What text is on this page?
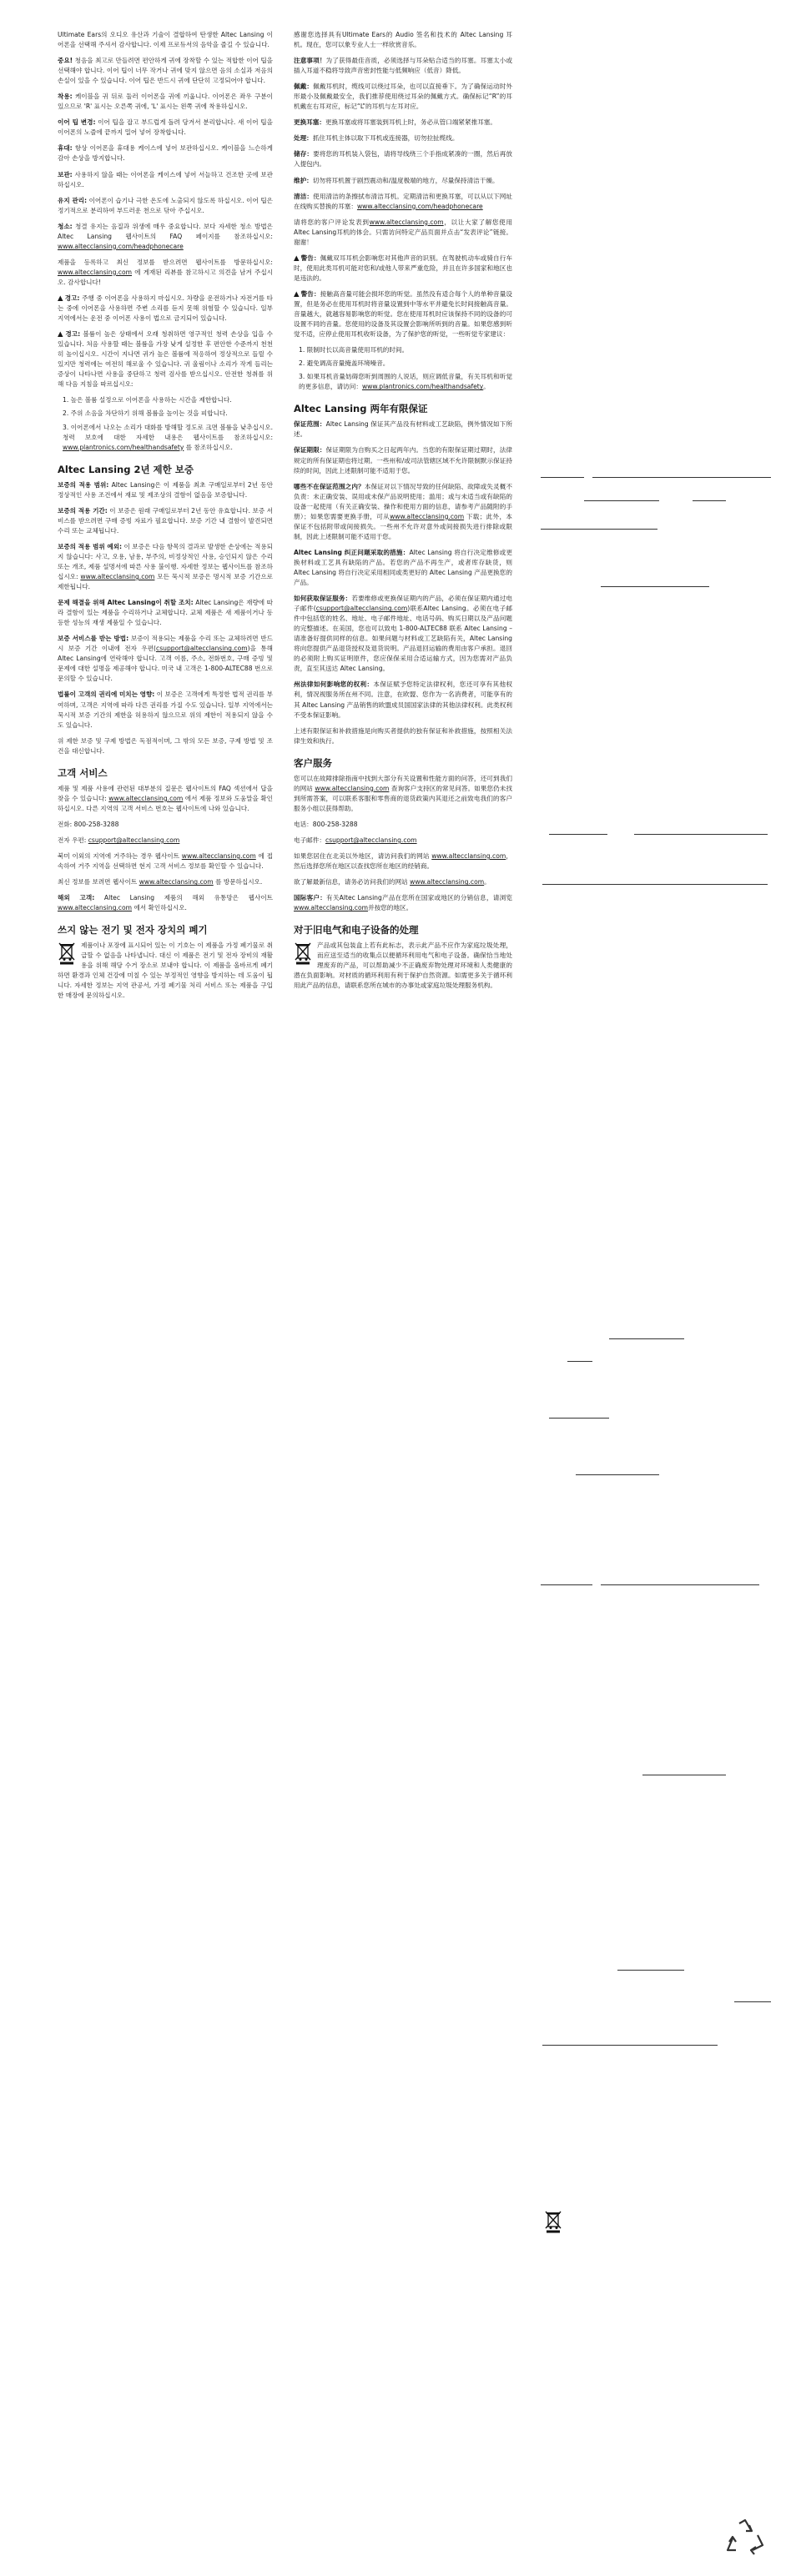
Ultimate Ears의 오디오 유산과 기술이 결합하여 탄생한 Altec Lansing 이어폰을 선택해 주셔서 감사합니다. 이제 프로듀서의 음악을 즐길 수 있습니다.

중요! 청음을 최고로 만들려면 편안하게 귀에 장착할 수 있는 적합한 이어 팁을 선택해야 합니다. 이어 팁이 너무 작거나 귀에 맞지 않으면 음의 소실과 저음의 손실이 있을 수 있습니다. 이어 팁은 반드시 귀에 단단히 고정되어야 합니다.

착용: 케이블을 귀 뒤로 둘러 이어폰을 귀에 끼웁니다. 이어폰은 좌우 구분이 있으므로 'R' 표시는 오른쪽 귀에, 'L' 표시는 왼쪽 귀에 착용하십시오.

이어 팁 변경: 이어 팁을 잡고 부드럽게 돌려 당겨서 분리합니다. 새 이어 팁을 이어폰의 노즐에 끝까지 밀어 넣어 장착합니다.

휴대: 항상 이어폰을 휴대용 케이스에 넣어 보관하십시오. 케이블을 느슨하게 감아 손상을 방지합니다.

보관: 사용하지 않을 때는 이어폰을 케이스에 넣어 서늘하고 건조한 곳에 보관하십시오.

유지 관리: 이어폰이 습기나 극한 온도에 노출되지 않도록 하십시오. 이어 팁은 정기적으로 분리하여 부드러운 천으로 닦아 주십시오.

청소: 청결 유지는 음질과 위생에 매우 중요합니다. 보다 자세한 청소 방법은 Altec Lansing 웹사이트의 FAQ 페이지를 참조하십시오: www.altecclansing.com/headphonecare

제품을 등록하고 최신 정보를 받으려면 웹사이트를 방문하십시오: www.altecclansing.com 에 게재된 리뷰를 참고하시고 의견을 남겨 주십시오. 감사합니다!

▲ 경고: 주행 중 이어폰을 사용하지 마십시오. 차량을 운전하거나 자전거를 타는 중에 이어폰을 사용하면 주변 소리를 듣지 못해 위험할 수 있습니다. 일부 지역에서는 운전 중 이어폰 사용이 법으로 금지되어 있습니다.

▲ 경고: 볼륨이 높은 상태에서 오래 청취하면 영구적인 청력 손상을 입을 수 있습니다. 처음 사용할 때는 볼륨을 가장 낮게 설정한 후 편안한 수준까지 천천히 높이십시오. 시간이 지나면 귀가 높은 볼륨에 적응하여 정상적으로 들릴 수 있지만 청력에는 여전히 해로울 수 있습니다. 귀 울림이나 소리가 작게 들리는 증상이 나타나면 사용을 중단하고 청력 검사를 받으십시오. 안전한 청취를 위해 다음 지침을 따르십시오:

1. 높은 볼륨 설정으로 이어폰을 사용하는 시간을 제한합니다.
2. 주위 소음을 차단하기 위해 볼륨을 높이는 것을 피합니다.
3. 이어폰에서 나오는 소리가 대화를 방해할 정도로 크면 볼륨을 낮추십시오. 청력 보호에 대한 자세한 내용은 웹사이트를 참조하십시오: www.plantronics.com/healthandsafety 를 참조하십시오.
Altec Lansing 2년 제한 보증

보증의 적용 범위: Altec Lansing은 이 제품을 최초 구매일로부터 2년 동안 정상적인 사용 조건에서 재료 및 제조상의 결함이 없음을 보증합니다.

보증의 적용 기간: 이 보증은 원래 구매일로부터 2년 동안 유효합니다. 보증 서비스를 받으려면 구매 증빙 자료가 필요합니다. 보증 기간 내 결함이 발견되면 수리 또는 교체됩니다.

보증의 적용 범위 예외: 이 보증은 다음 항목의 결과로 발생한 손상에는 적용되지 않습니다: 사고, 오용, 남용, 부주의, 비정상적인 사용, 승인되지 않은 수리 또는 개조, 제품 설명서에 따른 사용 불이행. 자세한 정보는 웹사이트를 참조하십시오: www.altecclansing.com 모든 묵시적 보증은 명시적 보증 기간으로 제한됩니다.

문제 해결을 위해 Altec Lansing이 취할 조치: Altec Lansing은 재량에 따라 결함이 있는 제품을 수리하거나 교체합니다. 교체 제품은 새 제품이거나 동등한 성능의 재생 제품일 수 있습니다.

보증 서비스를 받는 방법: 보증이 적용되는 제품을 수리 또는 교체하려면 반드시 보증 기간 이내에 전자 우편(csupport@altecclansing.com)을 통해 Altec Lansing에 연락해야 합니다. 고객 이름, 주소, 전화번호, 구매 증빙 및 문제에 대한 설명을 제공해야 합니다. 미국 내 고객은 1-800-ALTEC88 번으로 문의할 수 있습니다.

법률이 고객의 권리에 미치는 영향: 이 보증은 고객에게 특정한 법적 권리를 부여하며, 고객은 지역에 따라 다른 권리를 가질 수도 있습니다. 일부 지역에서는 묵시적 보증 기간의 제한을 허용하지 않으므로 위의 제한이 적용되지 않을 수도 있습니다.

위 제한 보증 및 구제 방법은 독점적이며, 그 밖의 모든 보증, 구제 방법 및 조건을 대신합니다.

고객 서비스

제품 및 제품 사용에 관련된 대부분의 질문은 웹사이트의 FAQ 섹션에서 답을 찾을 수 있습니다: www.altecclansing.com 에서 제품 정보와 도움말을 확인하십시오. 다른 지역의 고객 서비스 번호는 웹사이트에 나와 있습니다.

전화: 800-258-3288

전자 우편: csupport@altecclansing.com

북미 이외의 지역에 거주하는 경우 웹사이트 www.altecclansing.com 에 접속하여 거주 지역을 선택하면 현지 고객 서비스 정보를 확인할 수 있습니다.

최신 정보를 보려면 웹사이트 www.altecclansing.com 를 방문하십시오.

해외 고객: Altec Lansing 제품의 해외 유통망은 웹사이트 www.altecclansing.com 에서 확인하십시오.

쓰지 않는 전기 및 전자 장치의 폐기

제품이나 포장에 표시되어 있는 이 기호는 이 제품을 가정 폐기물로 취급할 수 없음을 나타냅니다. 대신 이 제품은 전기 및 전자 장비의 재활용을 위해 해당 수거 장소로 보내야 합니다. 이 제품을 올바르게 폐기하면 환경과 인체 건강에 미칠 수 있는 부정적인 영향을 방지하는 데 도움이 됩니다. 자세한 정보는 지역 관공서, 가정 폐기물 처리 서비스 또는 제품을 구입한 매장에 문의하십시오.

感谢您选择具有Ultimate Ears的 Audio 签名和技术的 Altec Lansing 耳机。现在，您可以象专业人士一样欣赏音乐。

注意事项！为了获得最佳音质，必须选择与耳朵贴合适当的耳塞。耳塞太小或插入耳道不稳将导致声音密封性能与低频响应（低音）降低。

佩戴：佩戴耳机时，缆线可以绕过耳朵，也可以直接垂下。为了确保运动时外形最小及佩戴最安全，我们推荐使用绕过耳朵的佩戴方式。确保标记“R”的耳机戴在右耳对应，标记“L”的耳机与左耳对应。

更换耳塞：更换耳塞或将耳塞装到耳机上时，务必从管口端紧紧推耳塞。

处理：抓住耳机主体以取下耳机或连接器，切勿拉扯缆线。

储存：要将您的耳机装入袋包，请将导线绕三个手指成紧凑的一圈，然后再放入提包内。

维护：切勿将耳机置于剧烈震动和/温度极端的地方，尽量保持清洁干燥。

清洁：使用清洁的条擦拭布清洁耳机。定期清洁和更换耳塞，可以从以下网址在线购买替换的耳塞：www.altecclansing.com/headphonecare

请将您的客户评论发表到www.altecclansing.com，以让大家了解您使用 Altec Lansing耳机的体会。只需访问特定产品页面并点击“发表评论”链接。谢谢！

▲ 警告：佩戴双耳耳机会影响您对其他声音的识别。在驾驶机动车或骑自行车时，使用此类耳机可能对您和/或他人带来严重危险，并且在许多国家和地区也是违法的。

▲ 警告：接触高音量可能会损坏您的听觉。虽然没有适合每个人的单种音量设置，但是务必在使用耳机时将音量设置到中等水平并避免长时间接触高音量。音量越大，就越容易影响您的听觉。您在使用耳机时应该保持不同的设备的可设置不同的音量。您使用的设备及其设置会影响所听到的音量。如果您感到听觉不适，应停止使用耳机收听设备，为了保护您的听觉，一些听觉专家建议：

1. 限制时长以高音量使用耳机的时间。
2. 避免调高音量掩盖环境噪音。
3. 如果耳机音量妨碍您听到周围的人说话，则应调低音量，有关耳机和听觉的更多信息，请访问：www.plantronics.com/healthandsafety。
Altec Lansing 两年有限保证

保证范围：Altec Lansing 保证其产品没有材料或工艺缺陷，例外情况如下所述。

保证期限：保证期限为自购买之日起两年内。当您的有限保证期过期时，法律规定的所有保证期也将过期。一些州和/或司法管辖区域不允许限制默示保证持续的时间，因此上述限制可能不适用于您。

哪些不在保证范围之内？本保证对以下情况导致的任何缺陷、故障或失灵概不负责：未正确安装、误用或未保产品说明使用；滥用；或与未适当或有缺陷的设备一起使用（有关正确安装、操作和使用方面的信息，请参考产品随附的手册）；如果您需要更换手册，可从www.altecclansing.com 下载；此外，本保证不包括附带或间接损失。一些州不允许对意外或间接损失进行排除或限制，因此上述限制可能不适用于您。

Altec Lansing 纠正问题采取的措施：Altec Lansing 将自行决定维修或更换材料或工艺具有缺陷的产品。若您的产品不再生产，或者库存缺货，则 Altec Lansing 将自行决定采用相同或类更好的 Altec Lansing 产品更换您的产品。

如何获取保证服务：若要维修或更换保证期内的产品，必须在保证期内通过电子邮件(csupport@altecclansing.com)联系Altec Lansing。必须在电子邮件中包括您的姓名、地址、电子邮件地址、电话号码、购买日期以及产品问题的完整描述。在美国，您也可以致电 1-800-ALTEC88 联系 Altec Lansing – 请准备好提供同样的信息。如果问题与材料或工艺缺陷有关，Altec Lansing 将向您提供产品退货授权及退货说明。产品退回运输的费用由客户承担。退回的必须附上购买证明原件，您应保保采用合适运输方式，因为您需对产品负责，直至其送达 Altec Lansing。

州法律如何影响您的权利：本保证赋予您特定法律权利，您还可享有其他权利，情况视服务所在州不同。注意，在欧盟、您作为一名消费者，可能享有的其 Altec Lansing 产品销售的欧盟成员国国家法律的其他法律权利。此类权利不受本保证影响。

上述有限保证和补救措施是向购买者提供的独有保证和补救措施，按照相关法律生效和执行。

客户服务

您可以在故障排除指南中找到大部分有关设置和性能方面的问答，还可到我们的网站 www.altecclansing.com 查询客户支持区的常见问答。如果您仍未找到所需答案，可以联系客服和零售商的退货政策内其退还之前致电我们的客户服务小组以获得帮助。

电话：800-258-3288

电子邮件：csupport@altecclansing.com

如果您居住在北美以外地区，请访问我们的网站 www.altecclansing.com，然后选择您所在地区以查找您所在地区的经销商。

欲了解最新信息，请务必访问我们的网站 www.altecclansing.com。

国际客户：有关Altec Lansing产品在您所在国家或地区的分销信息，请浏览www.altecclansing.com并按您的地区。

对于旧电气和电子设备的处理

产品或其包装盒上若有此标志，表示此产品不应作为家庭垃圾处理，而应送至适当的收集点以便循环利用电气和电子设备。确保恰当地处理废弃的产品，可以帮助减少不正确废弃物处理对环境和人类健康的潜在负面影响。对材质的循环利用有利于保护自然资源。如需更多关于循环利用此产品的信息，请联系您所在城市的办事处或家庭垃圾处理服务机构。
